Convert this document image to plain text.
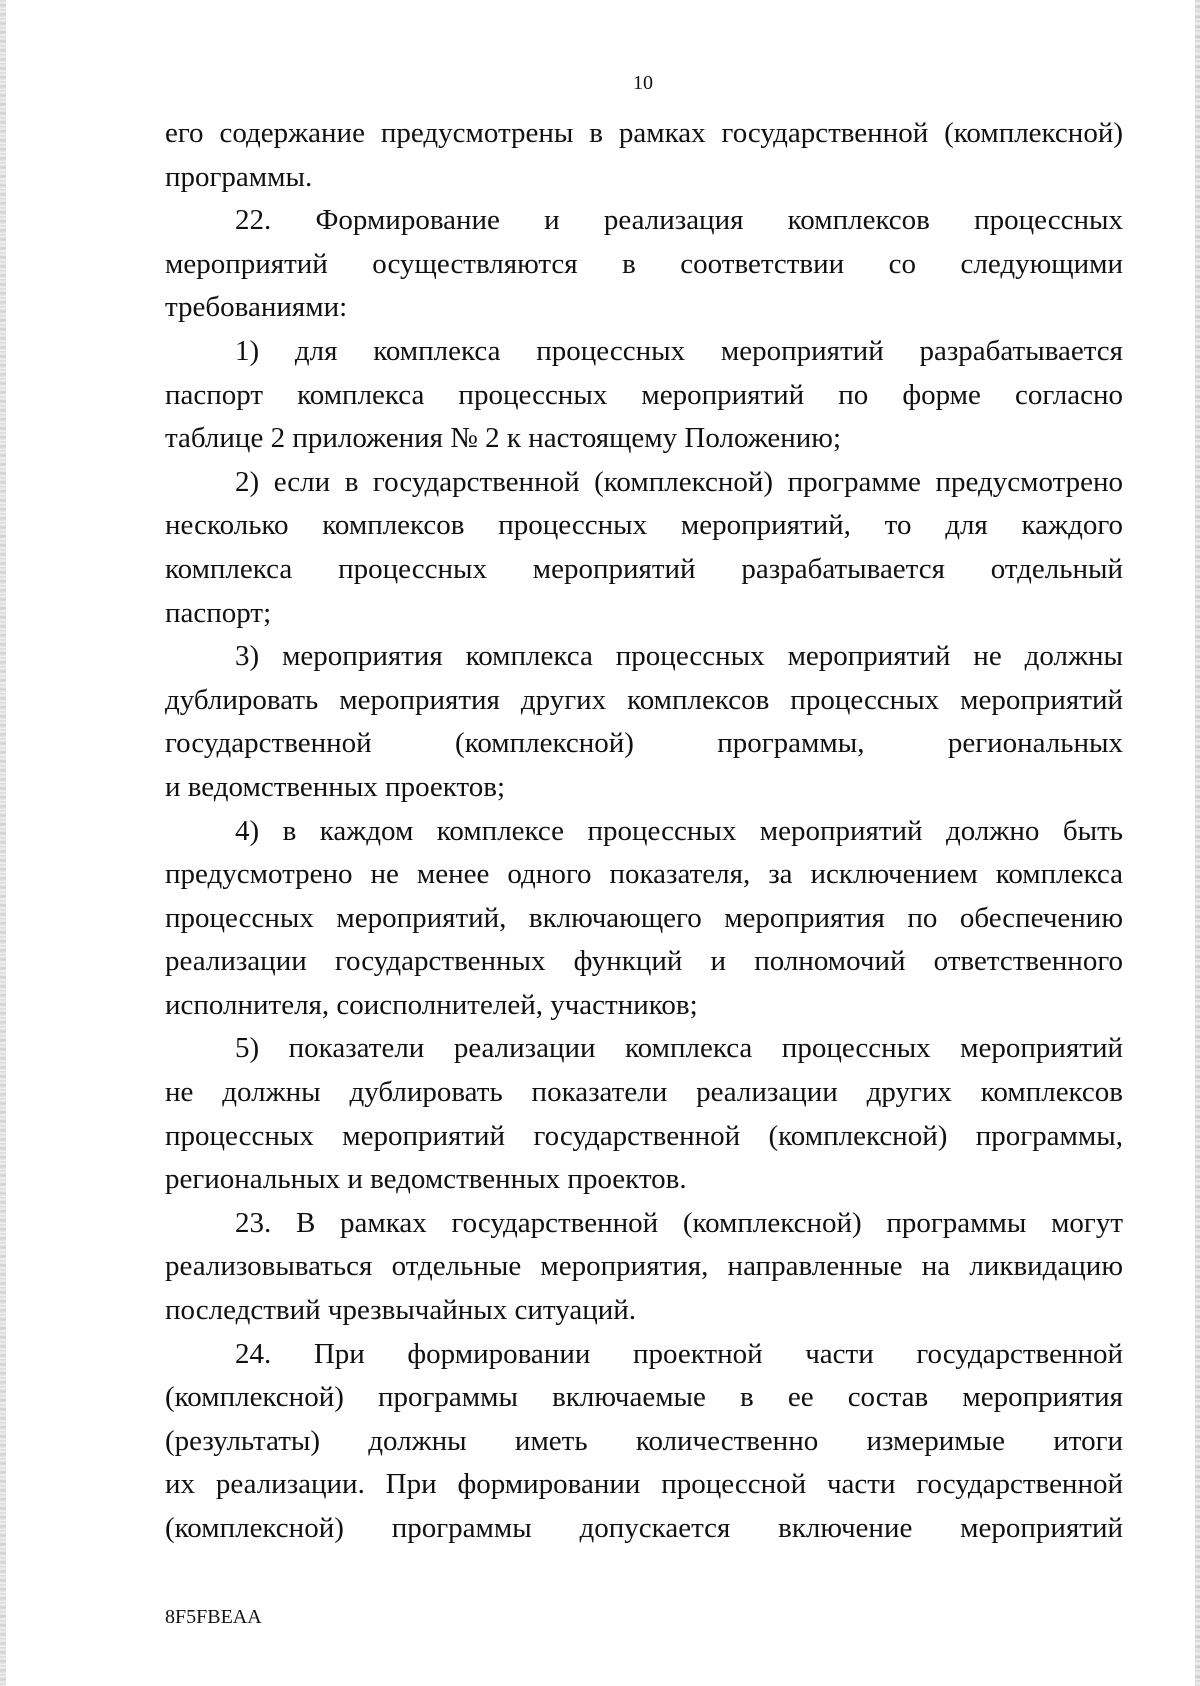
10
его содержание предусмотрены в рамках государственной (комплексной)
программы.
22. Формирование и реализация комплексов процессных
мероприятий осуществляются в соответствии со следующими
требованиями:
1) для комплекса процессных мероприятий разрабатывается
паспорт комплекса процессных мероприятий по форме согласно
таблице 2 приложения № 2 к настоящему Положению;
2) если в государственной (комплексной) программе предусмотрено
несколько комплексов процессных мероприятий, то для каждого
комплекса процессных мероприятий разрабатывается отдельный
паспорт;
3) мероприятия комплекса процессных мероприятий не должны
дублировать мероприятия других комплексов процессных мероприятий
государственной (комплексной) программы, региональных
и ведомственных проектов;
4) в каждом комплексе процессных мероприятий должно быть
предусмотрено не менее одного показателя, за исключением комплекса
процессных мероприятий, включающего мероприятия по обеспечению
реализации государственных функций и полномочий ответственного
исполнителя, соисполнителей, участников;
5) показатели реализации комплекса процессных мероприятий
не должны дублировать показатели реализации других комплексов
процессных мероприятий государственной (комплексной) программы,
региональных и ведомственных проектов.
23. В рамках государственной (комплексной) программы могут
реализовываться отдельные мероприятия, направленные на ликвидацию
последствий чрезвычайных ситуаций.
24. При формировании проектной части государственной
(комплексной) программы включаемые в ее состав мероприятия
(результаты) должны иметь количественно измеримые итоги
их реализации. При формировании процессной части государственной
(комплексной) программы допускается включение мероприятий
8F5FBEAA
